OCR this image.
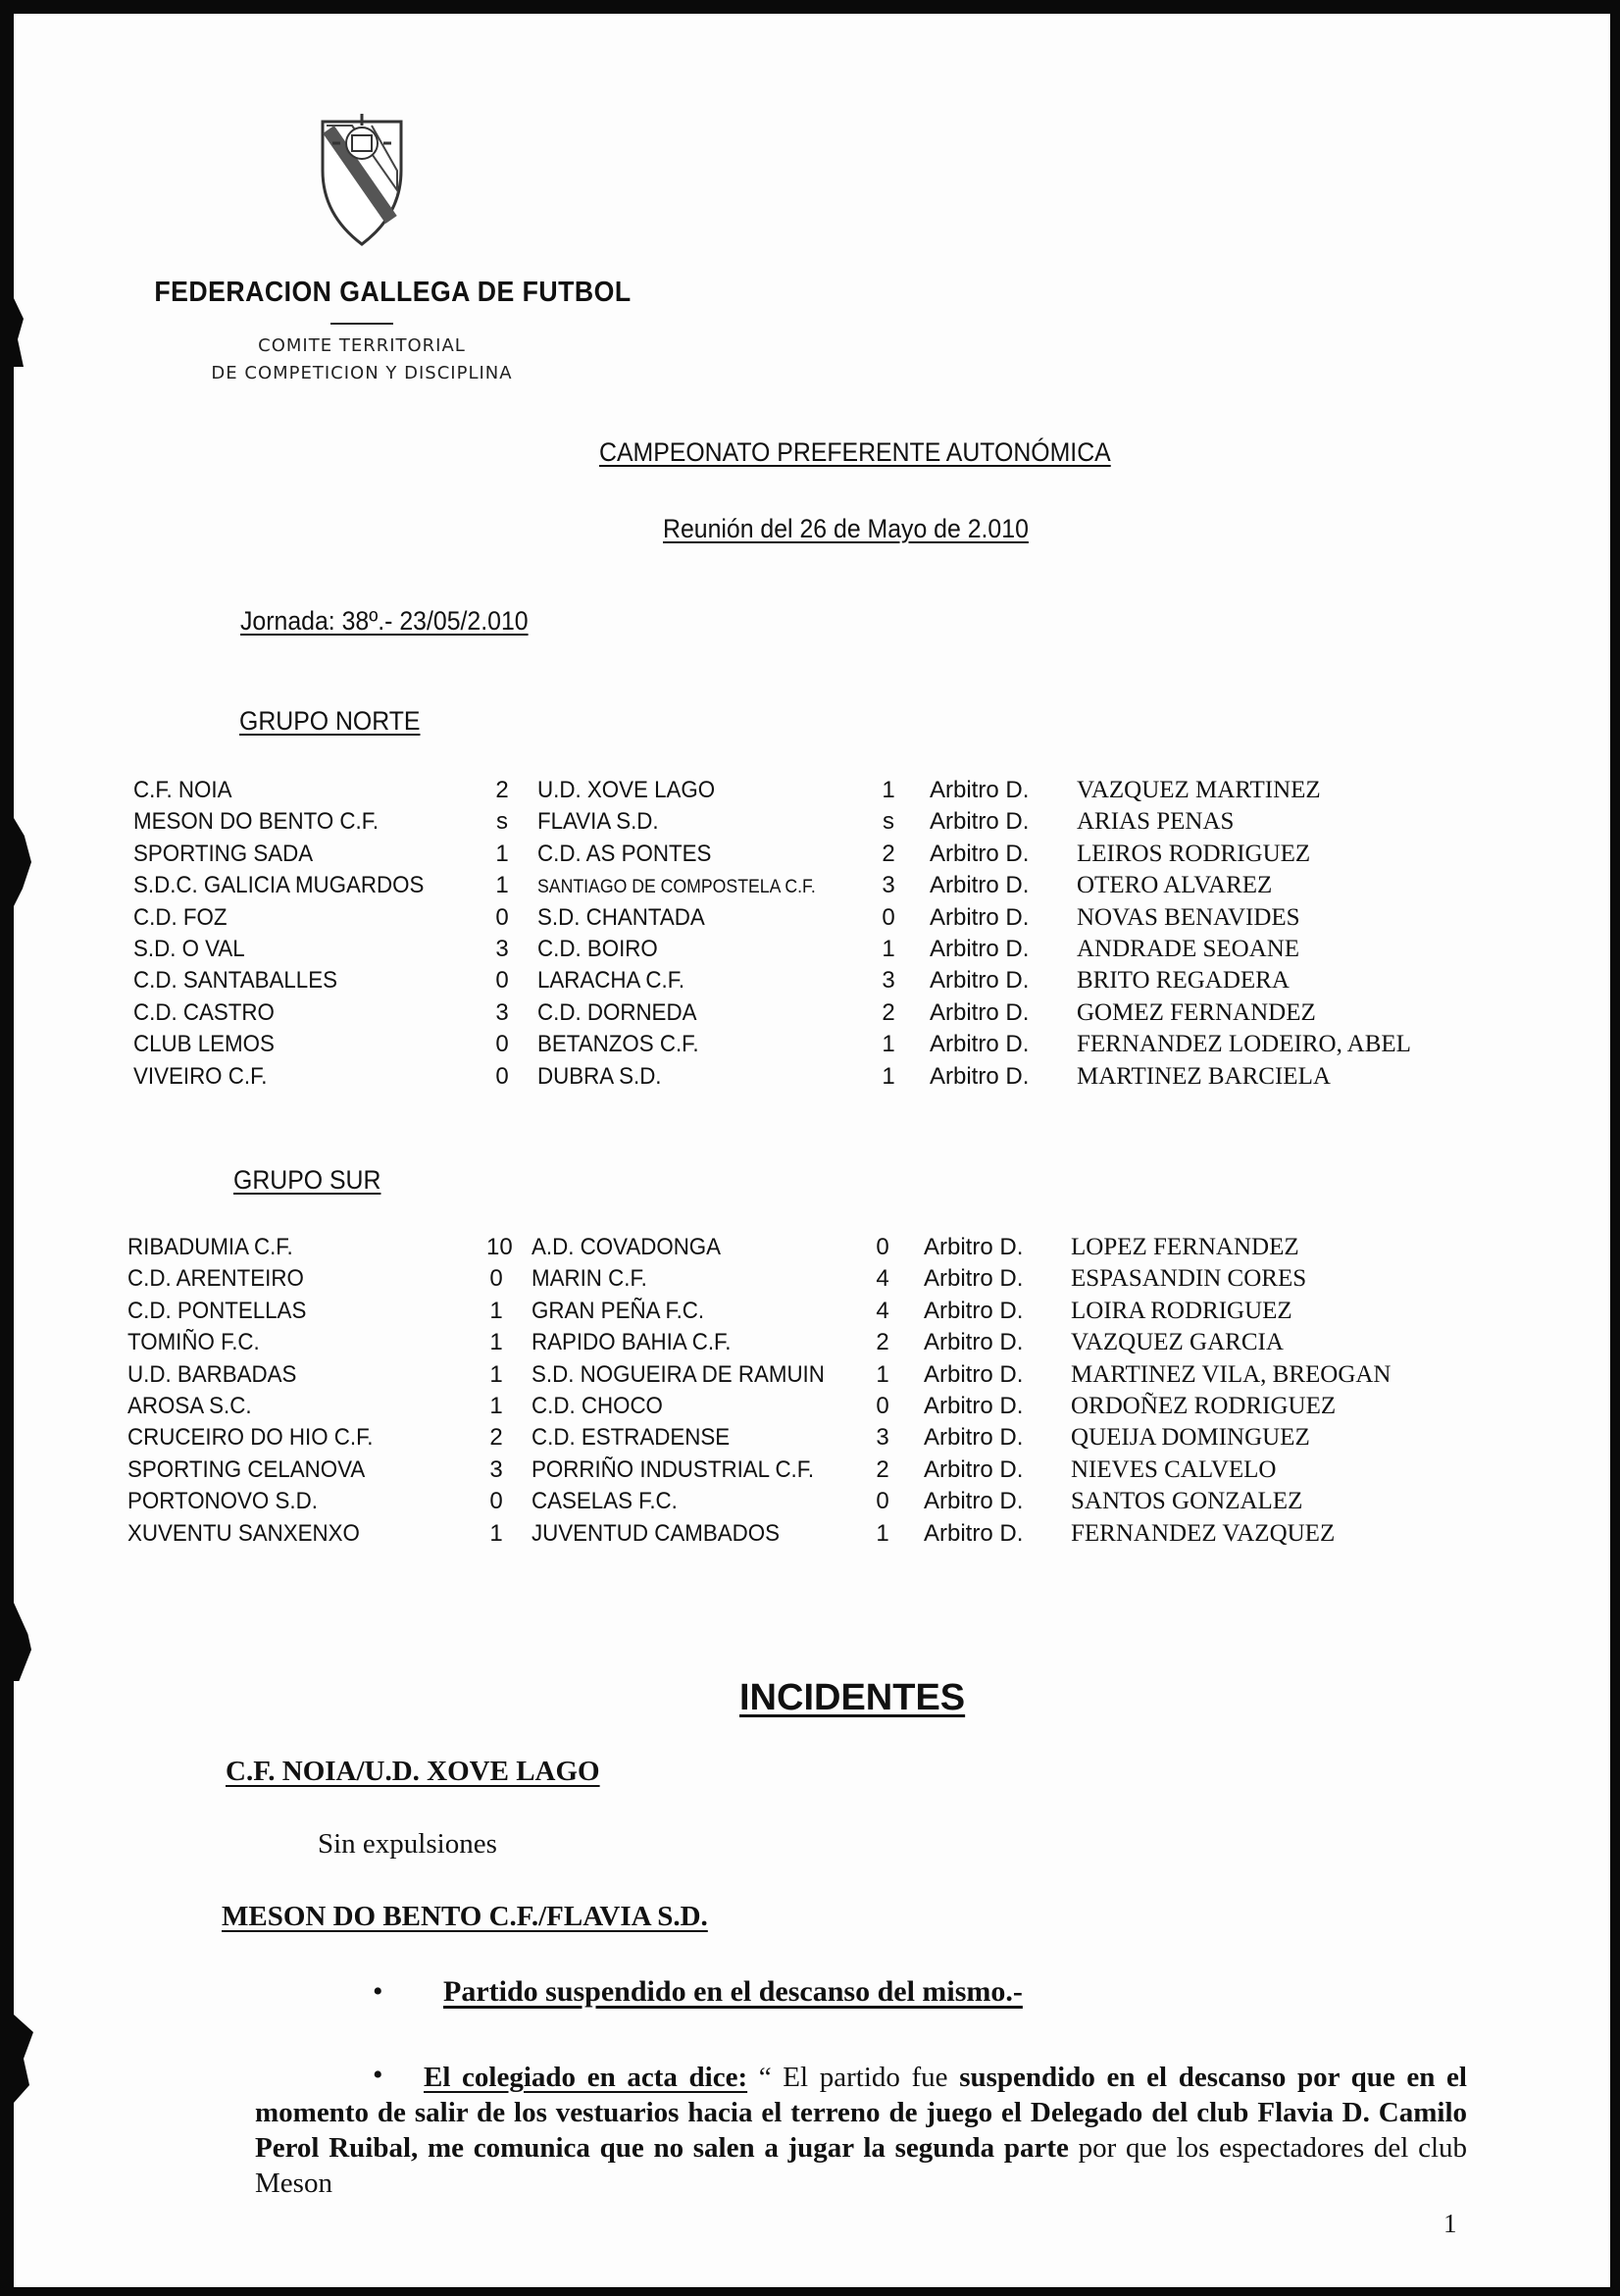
FEDERACION GALLEGA DE FUTBOL
COMITE TERRITORIAL
DE COMPETICION Y DISCIPLINA
CAMPEONATO PREFERENTE AUTONÓMICA
Reunión del 26 de Mayo de 2.010
Jornada: 38º.- 23/05/2.010
GRUPO NORTE
C.F. NOIA	2 U.D. XOVE LAGO	1 Arbitro D. VAZQUEZ MARTINEZ
MESON DO BENTO C.F.	s FLAVIA S.D.	s Arbitro D. ARIAS PENAS
SPORTING SADA	1 C.D. AS PONTES	2 Arbitro D. LEIROS RODRIGUEZ
S.D.C. GALICIA MUGARDOS	1 SANTIAGO DE COMPOSTELA C.F.	3 Arbitro D. OTERO ALVAREZ
C.D. FOZ	0 S.D. CHANTADA	0 Arbitro D. NOVAS BENAVIDES
S.D. O VAL	3 C.D. BOIRO	1 Arbitro D. ANDRADE SEOANE
C.D. SANTABALLES	0 LARACHA C.F.	3 Arbitro D. BRITO REGADERA
C.D. CASTRO	3 C.D. DORNEDA	2 Arbitro D. GOMEZ FERNANDEZ
CLUB LEMOS	0 BETANZOS C.F.	1 Arbitro D. FERNANDEZ LODEIRO, ABEL
VIVEIRO C.F.	0 DUBRA S.D.	1 Arbitro D. MARTINEZ BARCIELA
GRUPO SUR
RIBADUMIA C.F.	10 A.D. COVADONGA	0 Arbitro D. LOPEZ FERNANDEZ
C.D. ARENTEIRO	0 MARIN C.F.	4 Arbitro D. ESPASANDIN CORES
C.D. PONTELLAS	1 GRAN PEÑA F.C.	4 Arbitro D. LOIRA RODRIGUEZ
TOMIÑO F.C.	1 RAPIDO BAHIA C.F.	2 Arbitro D. VAZQUEZ GARCIA
U.D. BARBADAS	1 S.D. NOGUEIRA DE RAMUIN 1 Arbitro D. MARTINEZ VILA, BREOGAN
AROSA S.C.	1 C.D. CHOCO	0 Arbitro D. ORDOÑEZ RODRIGUEZ
CRUCEIRO DO HIO C.F.	2 C.D. ESTRADENSE	3 Arbitro D. QUEIJA DOMINGUEZ
SPORTING CELANOVA	3 PORRIÑO INDUSTRIAL C.F.	2 Arbitro D. NIEVES CALVELO
PORTONOVO S.D.	0 CASELAS F.C.	0 Arbitro D. SANTOS GONZALEZ
XUVENTU SANXENXO	1 JUVENTUD CAMBADOS	1 Arbitro D. FERNANDEZ VAZQUEZ
INCIDENTES
C.F. NOIA/U.D. XOVE LAGO
Sin expulsiones
MESON DO BENTO C.F./FLAVIA S.D.
• Partido suspendido en el descanso del mismo.-
•	El colegiado en acta dice: “ El partido fue suspendido en el descanso por que en el momento de salir de los vestuarios hacia el terreno de juego el Delegado del club Flavia D. Camilo Perol Ruibal, me comunica que no salen a jugar la segunda parte por que los espectadores del club Meson
1
